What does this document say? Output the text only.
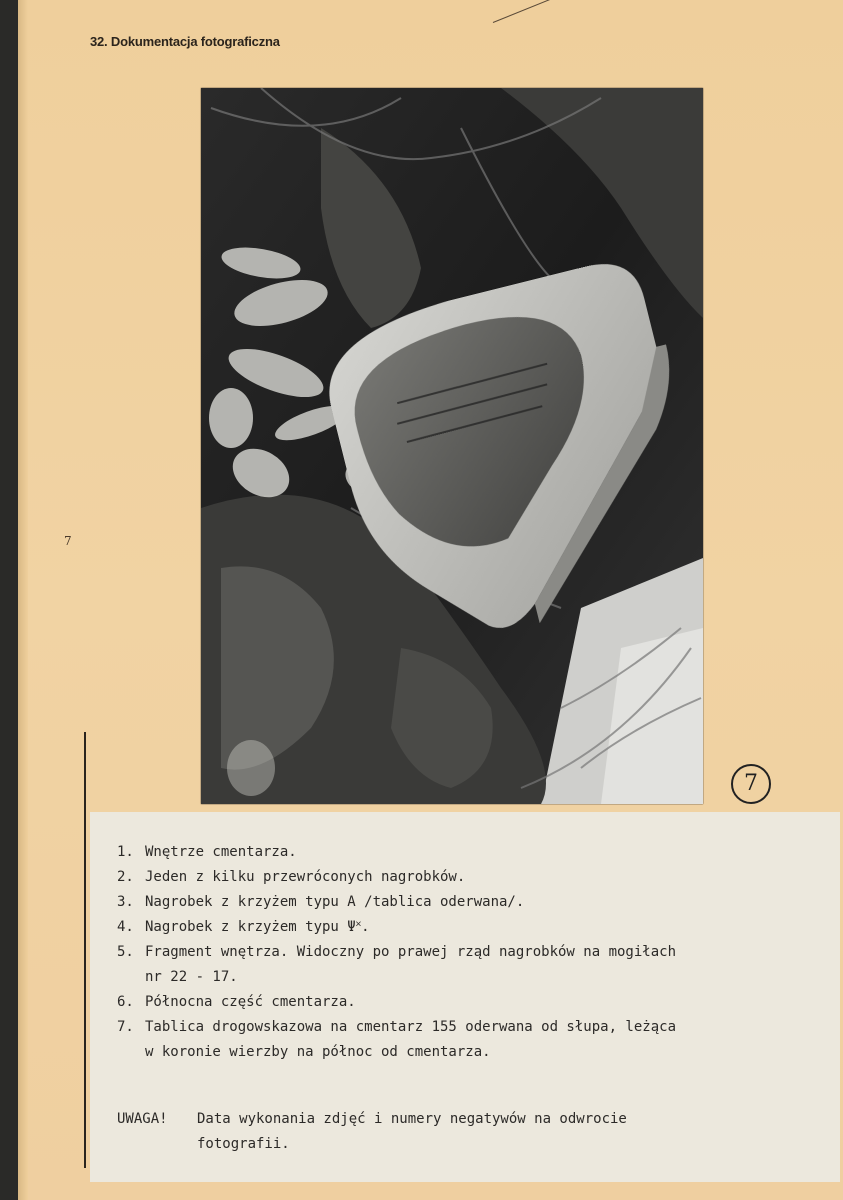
32. Dokumentacja fotograficzna
7
7
1. Wnętrze cmentarza.
2. Jeden z kilku przewróconych nagrobków.
3. Nagrobek z krzyżem typu A /tablica oderwana/.
4. Nagrobek z krzyżem typu Ψ˟.
5. Fragment wnętrza. Widoczny po prawej rząd nagrobków na mogiłach
nr 22 - 17.
6. Północna część cmentarza.
7. Tablica drogowskazowa na cmentarz 155 oderwana od słupa, leżąca
w koronie wierzby na północ od cmentarza.
UWAGA!	Data wykonania zdjęć i numery negatywów na odwrocie
fotografii.
